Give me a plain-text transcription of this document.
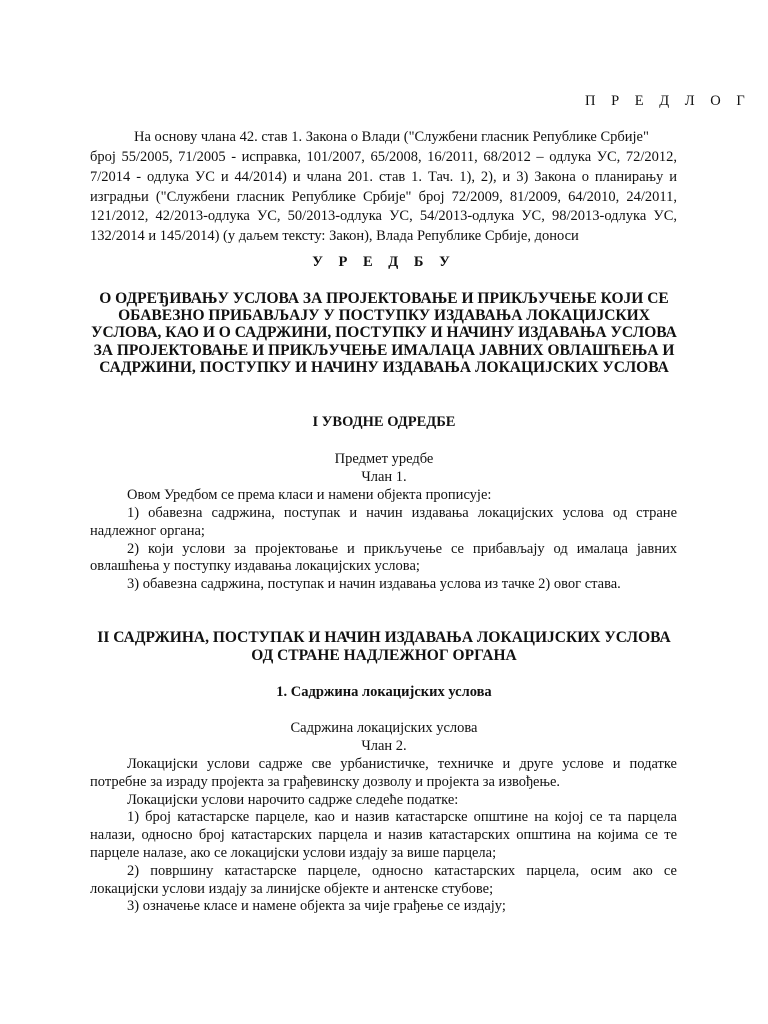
П Р Е Д Л О Г
На основу члана 42. став 1. Закона о Влади ("Службени гласник Републике Србије"
број 55/2005, 71/2005 - исправка, 101/2007, 65/2008, 16/2011, 68/2012 – одлука УС, 72/2012,
7/2014 - одлука УС и 44/2014) и члана 201. став 1. Тач. 1), 2), и 3) Закона о планирању и
изградњи ("Службени гласник Републике Србије" број 72/2009, 81/2009, 64/2010, 24/2011,
121/2012, 42/2013-одлука УС, 50/2013-одлука УС, 54/2013-одлука УС, 98/2013-одлука УС,
132/2014 и 145/2014) (у даљем тексту: Закон), Влада Републике Србије, доноси
У Р Е Д Б У
О ОДРЕЂИВАЊУ УСЛОВА ЗА ПРОЈЕКТОВАЊЕ И ПРИКЉУЧЕЊЕ КОЈИ СЕ
ОБАВЕЗНО ПРИБАВЉАЈУ У ПОСТУПКУ ИЗДАВАЊА ЛОКАЦИЈСКИХ
УСЛОВА, КАО И О САДРЖИНИ, ПОСТУПКУ И НАЧИНУ ИЗДАВАЊА УСЛОВА
ЗА ПРОЈЕКТОВАЊЕ И ПРИКЉУЧЕЊЕ ИМАЛАЦА ЈАВНИХ ОВЛАШЋЕЊА И
САДРЖИНИ, ПОСТУПКУ И НАЧИНУ ИЗДАВАЊА ЛОКАЦИЈСКИХ УСЛОВА
I УВОДНЕ ОДРЕДБЕ
Предмет уредбе
Члан 1.
Овом Уредбом се према класи и намени објекта прописује:
1) обавезна садржина, поступак и начин издавања локацијских услова од стране
надлежног органа;
2) који услови за пројектовање и прикључење се прибављају од ималаца јавних
овлашћења у поступку издавања локацијских услова;
3) обавезна садржина, поступак и начин издавања услова из тачке 2) овог става.
II САДРЖИНА, ПОСТУПАК И НАЧИН ИЗДАВАЊА ЛОКАЦИЈСКИХ УСЛОВА
ОД СТРАНЕ НАДЛЕЖНОГ ОРГАНА
1. Садржина локацијских услова
Садржина локацијских услова
Члан 2.
Локацијски услови садрже све урбанистичке, техничке и друге услове и податке
потребне за израду пројекта за грађевинску дозволу и пројекта за извођење.
Локацијски услови нарочито садрже следеће податке:
1) број катастарске парцеле, као и назив катастарске општине на којој се та парцела
налази, односно број катастарских парцела и назив катастарских општина на којима се те
парцеле налазе, ако се локацијски услови издају за више парцела;
2) површину катастарске парцеле, односно катастарских парцела, осим ако се
локацијски услови издају за линијске објекте и антенске стубове;
3) означење класе и намене објекта за чије грађење се издају;
